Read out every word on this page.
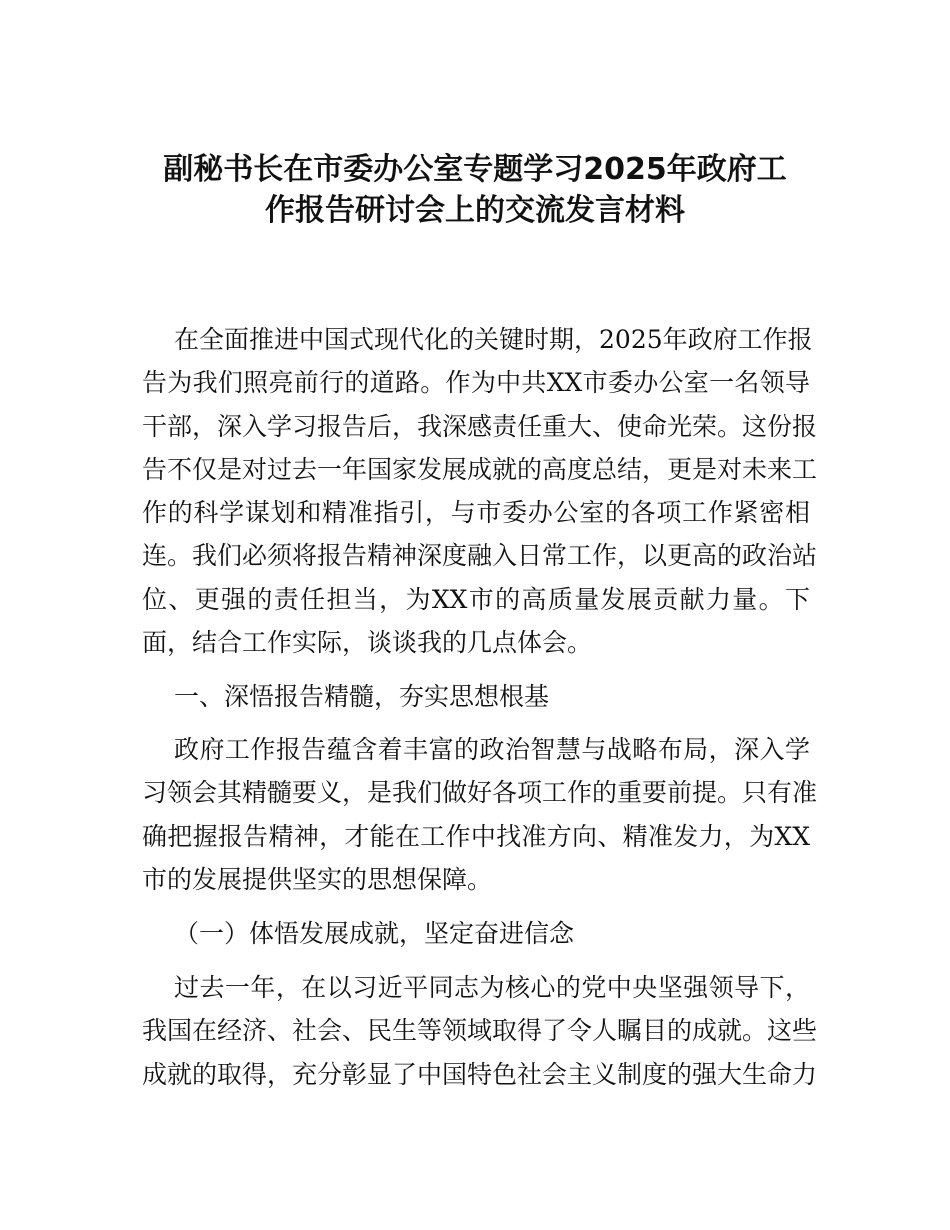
副秘书长在市委办公室专题学习2025年政府工
作报告研讨会上的交流发言材料
在全面推进中国式现代化的关键时期，2025年政府工作报
告为我们照亮前行的道路。作为中共XX市委办公室一名领导
干部，深入学习报告后，我深感责任重大、使命光荣。这份报
告不仅是对过去一年国家发展成就的高度总结，更是对未来工
作的科学谋划和精准指引，与市委办公室的各项工作紧密相
连。我们必须将报告精神深度融入日常工作，以更高的政治站
位、更强的责任担当，为XX市的高质量发展贡献力量。下
面，结合工作实际，谈谈我的几点体会。
一、深悟报告精髓，夯实思想根基
政府工作报告蕴含着丰富的政治智慧与战略布局，深入学
习领会其精髓要义，是我们做好各项工作的重要前提。只有准
确把握报告精神，才能在工作中找准方向、精准发力，为XX
市的发展提供坚实的思想保障。
（一）体悟发展成就，坚定奋进信念
过去一年，在以习近平同志为核心的党中央坚强领导下，
我国在经济、社会、民生等领域取得了令人瞩目的成就。这些
成就的取得，充分彰显了中国特色社会主义制度的强大生命力
